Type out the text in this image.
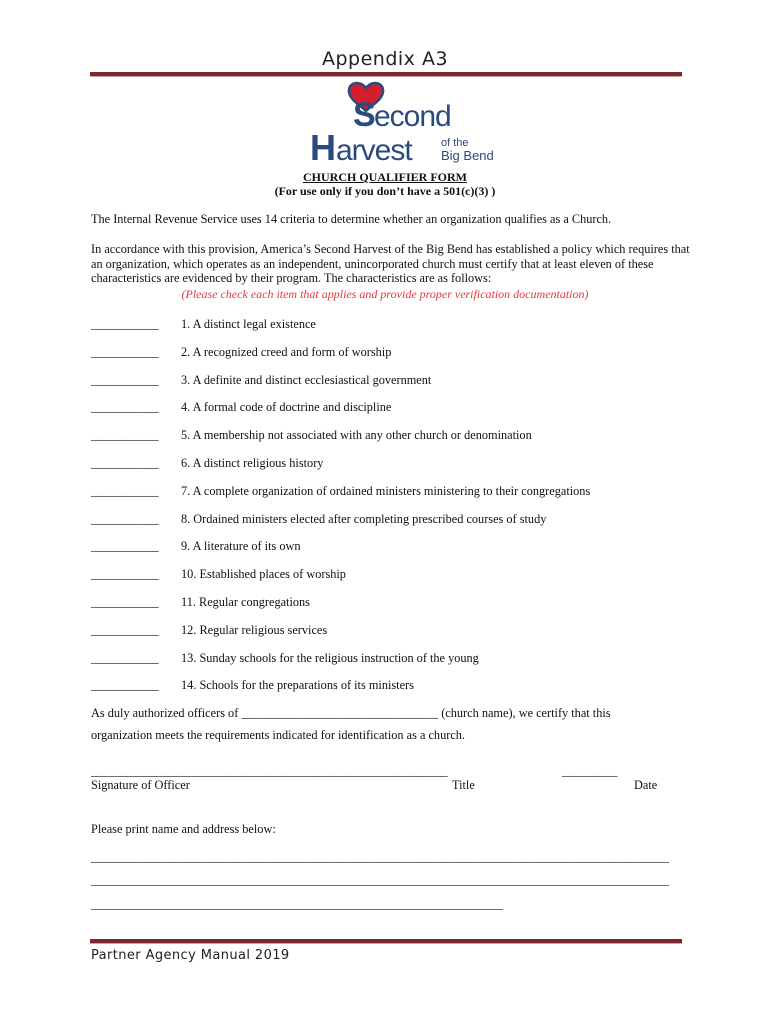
Appendix A3
S econd
H arvest	of the
Big Bend
CHURCH QUALIFIER FORM
(For use only if you don’t have a 501(c)(3) )
The Internal Revenue Service uses 14 criteria to determine whether an organization qualifies as a Church.
In accordance with this provision, America’s Second Harvest of the Big Bend has established a policy which requires that an organization, which operates as an independent, unincorporated church must certify that at least eleven of these characteristics are evidenced by their program. The characteristics are as follows:
(Please check each item that applies and provide proper verification documentation)
___________ 1. A distinct legal existence
___________ 2. A recognized creed and form of worship
___________ 3. A definite and distinct ecclesiastical government
___________ 4. A formal code of doctrine and discipline
___________ 5. A membership not associated with any other church or denomination
___________ 6. A distinct religious history
___________ 7. A complete organization of ordained ministers ministering to their congregations
___________ 8. Ordained ministers elected after completing prescribed courses of study
___________ 9. A literature of its own
___________ 10. Established places of worship
___________ 11. Regular congregations
___________ 12. Regular religious services
___________ 13. Sunday schools for the religious instruction of the young
___________ 14. Schools for the preparations of its ministers
As duly authorized officers of ________________________________ (church name), we certify that this
organization meets the requirements indicated for identification as a church.
__________________________________________________________	_________
Signature of Officer	Title	Date
Please print name and address below:
______________________________________________________________________________________________
______________________________________________________________________________________________
___________________________________________________________________
Partner Agency Manual 2019
